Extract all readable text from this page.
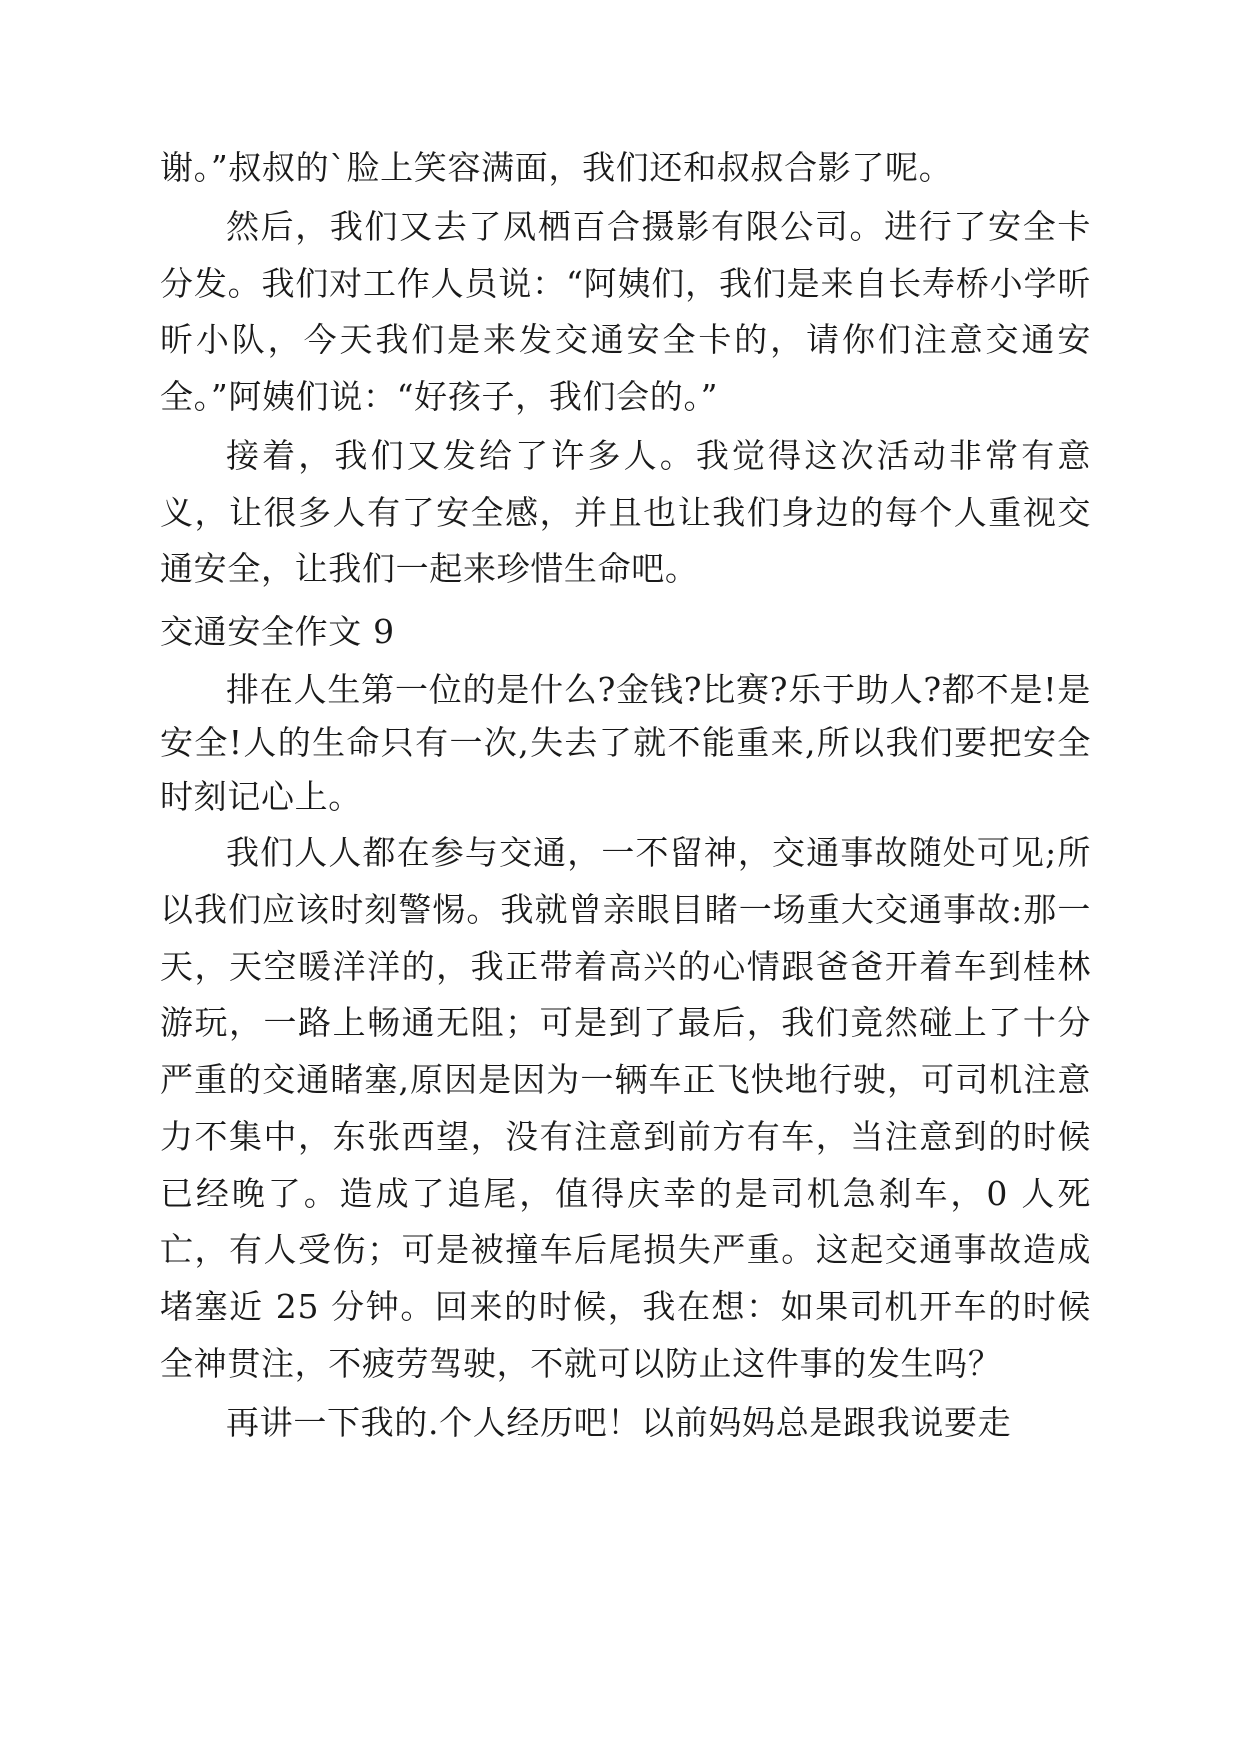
谢。”叔叔的`脸上笑容满面，我们还和叔叔合影了呢。

然后，我们又去了凤栖百合摄影有限公司。进行了安全卡分发。我们对工作人员说：“阿姨们，我们是来自长寿桥小学昕昕小队，今天我们是来发交通安全卡的，请你们注意交通安全。”阿姨们说：“好孩子，我们会的。”

接着，我们又发给了许多人。我觉得这次活动非常有意义，让很多人有了安全感，并且也让我们身边的每个人重视交通安全，让我们一起来珍惜生命吧。

交通安全作文 9

排在人生第一位的是什么?金钱?比赛?乐于助人?都不是!是安全!人的生命只有一次,失去了就不能重来,所以我们要把安全时刻记心上。

我们人人都在参与交通，一不留神，交通事故随处可见;所以我们应该时刻警惕。我就曾亲眼目睹一场重大交通事故:那一天，天空暖洋洋的，我正带着高兴的心情跟爸爸开着车到桂林游玩，一路上畅通无阻；可是到了最后，我们竟然碰上了十分严重的交通睹塞,原因是因为一辆车正飞快地行驶，可司机注意力不集中，东张西望，没有注意到前方有车，当注意到的时候已经晚了。造成了追尾，值得庆幸的是司机急刹车，0 人死亡，有人受伤；可是被撞车后尾损失严重。这起交通事故造成堵塞近 25 分钟。回来的时候，我在想：如果司机开车的时候全神贯注，不疲劳驾驶，不就可以防止这件事的发生吗？

再讲一下我的.个人经历吧！以前妈妈总是跟我说要走
